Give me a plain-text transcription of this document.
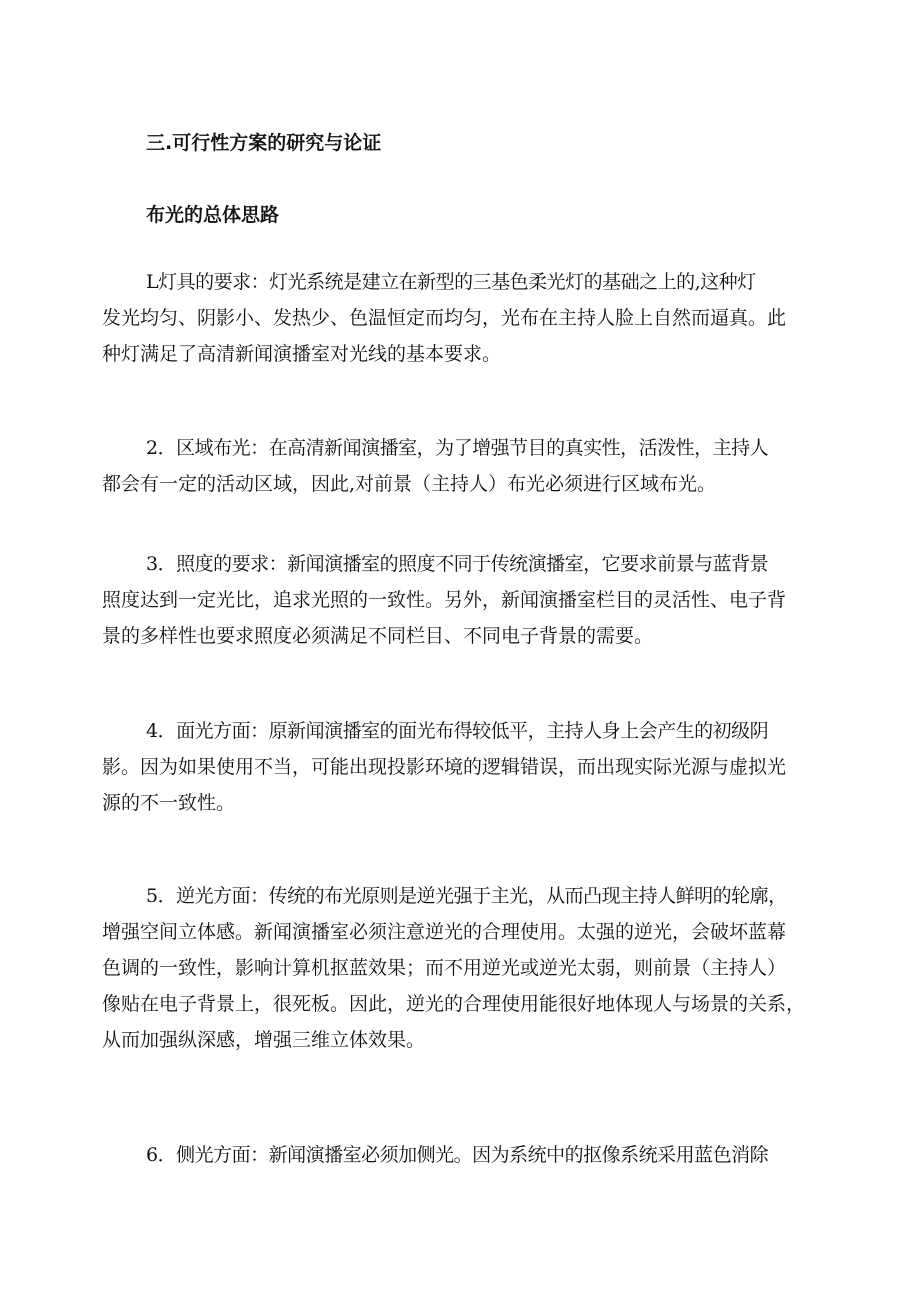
三.可行性方案的研究与论证
布光的总体思路
L灯具的要求：灯光系统是建立在新型的三基色柔光灯的基础之上的,这种灯
发光均匀、阴影小、发热少、色温恒定而均匀，光布在主持人脸上自然而逼真。此
种灯满足了高清新闻演播室对光线的基本要求。
2．区域布光：在高清新闻演播室，为了增强节目的真实性，活泼性，主持人
都会有一定的活动区域，因此,对前景（主持人）布光必须进行区域布光。
3．照度的要求：新闻演播室的照度不同于传统演播室，它要求前景与蓝背景
照度达到一定光比，追求光照的一致性。另外，新闻演播室栏目的灵活性、电子背
景的多样性也要求照度必须满足不同栏目、不同电子背景的需要。
4．面光方面：原新闻演播室的面光布得较低平，主持人身上会产生的初级阴
影。因为如果使用不当，可能出现投影环境的逻辑错误，而出现实际光源与虚拟光
源的不一致性。
5．逆光方面：传统的布光原则是逆光强于主光，从而凸现主持人鲜明的轮廓，
增强空间立体感。新闻演播室必须注意逆光的合理使用。太强的逆光，会破坏蓝幕
色调的一致性，影响计算机抠蓝效果；而不用逆光或逆光太弱，则前景（主持人）
像贴在电子背景上，很死板。因此，逆光的合理使用能很好地体现人与场景的关系，
从而加强纵深感，增强三维立体效果。
6．侧光方面：新闻演播室必须加侧光。因为系统中的抠像系统采用蓝色消除
